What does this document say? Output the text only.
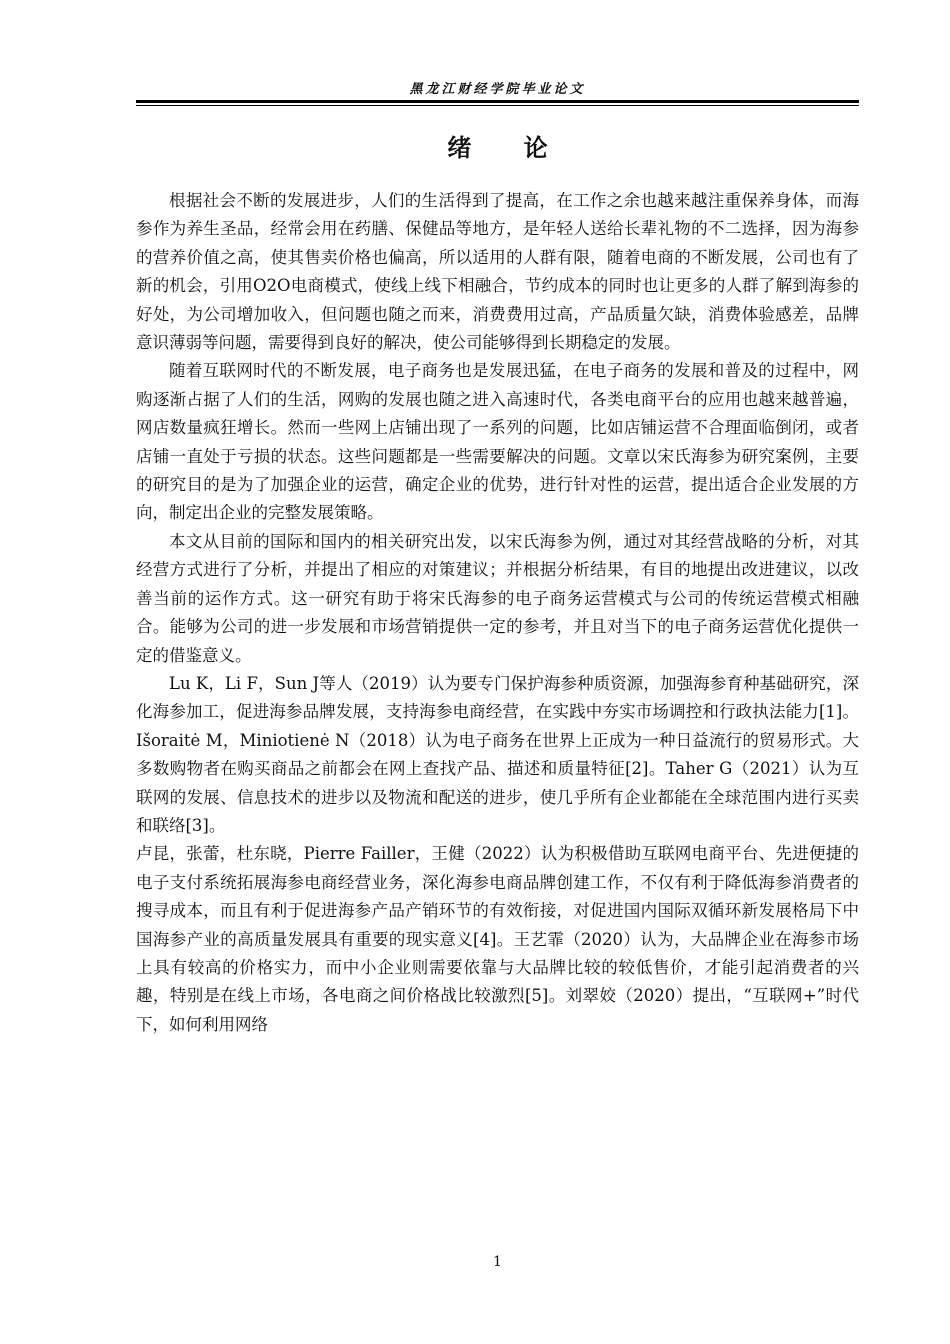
黑龙江财经学院毕业论文
绪 论

根据社会不断的发展进步，人们的生活得到了提高，在工作之余也越来越注重保养身体，而海参作为养生圣品，经常会用在药膳、保健品等地方，是年轻人送给长辈礼物的不二选择，因为海参的营养价值之高，使其售卖价格也偏高，所以适用的人群有限，随着电商的不断发展，公司也有了新的机会，引用O2O电商模式，使线上线下相融合，节约成本的同时也让更多的人群了解到海参的好处，为公司增加收入，但问题也随之而来，消费费用过高，产品质量欠缺，消费体验感差，品牌意识薄弱等问题，需要得到良好的解决，使公司能够得到长期稳定的发展。

随着互联网时代的不断发展，电子商务也是发展迅猛，在电子商务的发展和普及的过程中，网购逐渐占据了人们的生活，网购的发展也随之进入高速时代，各类电商平台的应用也越来越普遍，网店数量疯狂增长。然而一些网上店铺出现了一系列的问题，比如店铺运营不合理面临倒闭，或者店铺一直处于亏损的状态。这些问题都是一些需要解决的问题。文章以宋氏海参为研究案例，主要的研究目的是为了加强企业的运营，确定企业的优势，进行针对性的运营，提出适合企业发展的方向，制定出企业的完整发展策略。

本文从目前的国际和国内的相关研究出发，以宋氏海参为例，通过对其经营战略的分析，对其经营方式进行了分析，并提出了相应的对策建议；并根据分析结果，有目的地提出改进建议，以改善当前的运作方式。这一研究有助于将宋氏海参的电子商务运营模式与公司的传统运营模式相融合。能够为公司的进一步发展和市场营销提供一定的参考，并且对当下的电子商务运营优化提供一定的借鉴意义。

Lu K，Li F，Sun J等人（2019）认为要专门保护海参种质资源，加强海参育种基础研究，深化海参加工，促进海参品牌发展，支持海参电商经营，在实践中夯实市场调控和行政执法能力[1]。Išoraitė M，Miniotienė N（2018）认为电子商务在世界上正成为一种日益流行的贸易形式。大多数购物者在购买商品之前都会在网上查找产品、描述和质量特征[2]。Taher G（2021）认为互联网的发展、信息技术的进步以及物流和配送的进步，使几乎所有企业都能在全球范围内进行买卖和联络[3]。

卢昆，张蕾，杜东晓，Pierre Failler，王健（2022）认为积极借助互联网电商平台、先进便捷的电子支付系统拓展海参电商经营业务，深化海参电商品牌创建工作，不仅有利于降低海参消费者的搜寻成本，而且有利于促进海参产品产销环节的有效衔接，对促进国内国际双循环新发展格局下中国海参产业的高质量发展具有重要的现实意义[4]。王艺霏（2020）认为，大品牌企业在海参市场上具有较高的价格实力，而中小企业则需要依靠与大品牌比较的较低售价，才能引起消费者的兴趣，特别是在线上市场，各电商之间价格战比较激烈[5]。刘翠姣（2020）提出，“互联网+”时代下，如何利用网络

1
